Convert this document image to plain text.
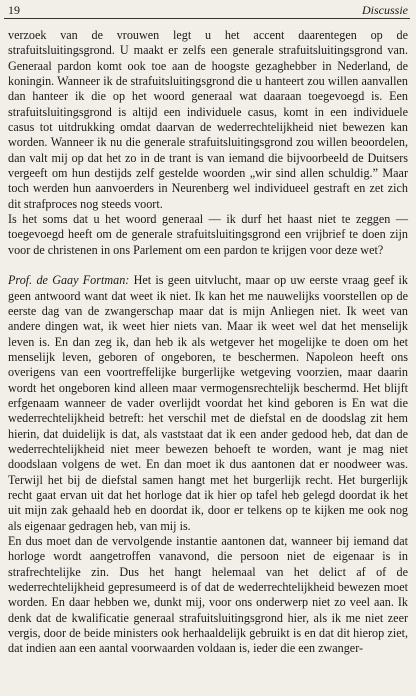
19	Discussie

verzoek van de vrouwen legt u het accent daarentegen op de strafuitsluitingsgrond. U maakt er zelfs een generale strafuitsluitingsgrond van. Generaal pardon komt ook toe aan de hoogste gezaghebber in Nederland, de koningin. Wanneer ik de strafuitsluitingsgrond die u hanteert zou willen aanvallen dan hanteer ik die op het woord generaal wat daaraan toegevoegd is. Een strafuitsluitingsgrond is altijd een individuele casus, komt in een individuele casus tot uitdrukking omdat daarvan de wederrechtelijkheid niet bewezen kan worden. Wanneer ik nu die generale strafuitsluitingsgrond zou willen beoordelen, dan valt mij op dat het zo in de trant is van iemand die bijvoorbeeld de Duitsers vergeeft om hun destijds zelf gestelde woorden „wir sind allen schuldig.” Maar toch werden hun aanvoerders in Neurenberg wel individueel gestraft en zet zich dit strafproces nog steeds voort.

Is het soms dat u het woord generaal — ik durf het haast niet te zeggen — toegevoegd heeft om de generale strafuitsluitingsgrond een vrijbrief te doen zijn voor de christenen in ons Parlement om een pardon te krijgen voor deze wet?

Prof. de Gaay Fortman: Het is geen uitvlucht, maar op uw eerste vraag geef ik geen antwoord want dat weet ik niet. Ik kan het me nauwelijks voorstellen op de eerste dag van de zwangerschap maar dat is mijn Anliegen niet. Ik weet van andere dingen wat, ik weet hier niets van. Maar ik weet wel dat het menselijk leven is. En dan zeg ik, dan heb ik als wetgever het mogelijke te doen om het menselijk leven, geboren of ongeboren, te beschermen. Napoleon heeft ons overigens van een voortreffelijke burgerlijke wetgeving voorzien, maar daarin wordt het ongeboren kind alleen maar vermogensrechtelijk beschermd. Het blijft erfgenaam wanneer de vader overlijdt voordat het kind geboren is En wat die wederrechtelijkheid betreft: het verschil met de diefstal en de doodslag zit hem hierin, dat duidelijk is dat, als vaststaat dat ik een ander gedood heb, dat dan de wederrechtelijkheid niet meer bewezen behoeft te worden, want je mag niet doodslaan volgens de wet. En dan moet ik dus aantonen dat er noodweer was. Terwijl het bij de diefstal samen hangt met het burgerlijk recht. Het burgerlijk recht gaat ervan uit dat het horloge dat ik hier op tafel heb gelegd doordat ik het uit mijn zak gehaald heb en doordat ik, door er telkens op te kijken me ook nog als eigenaar gedragen heb, van mij is.

En dus moet dan de vervolgende instantie aantonen dat, wanneer bij iemand dat horloge wordt aangetroffen vanavond, die persoon niet de eigenaar is in strafrechtelijke zin. Dus het hangt helemaal van het delict af of de wederrechtelijkheid gepresumeerd is of dat de wederrechtelijkheid bewezen moet worden. En daar hebben we, dunkt mij, voor ons onderwerp niet zo veel aan. Ik denk dat de kwalificatie generaal strafuitsluitingsgrond hier, als ik me niet zeer vergis, door de beide ministers ook herhaaldelijk gebruikt is en dat dit hierop ziet, dat indien aan een aantal voorwaarden voldaan is, ieder die een zwanger-
